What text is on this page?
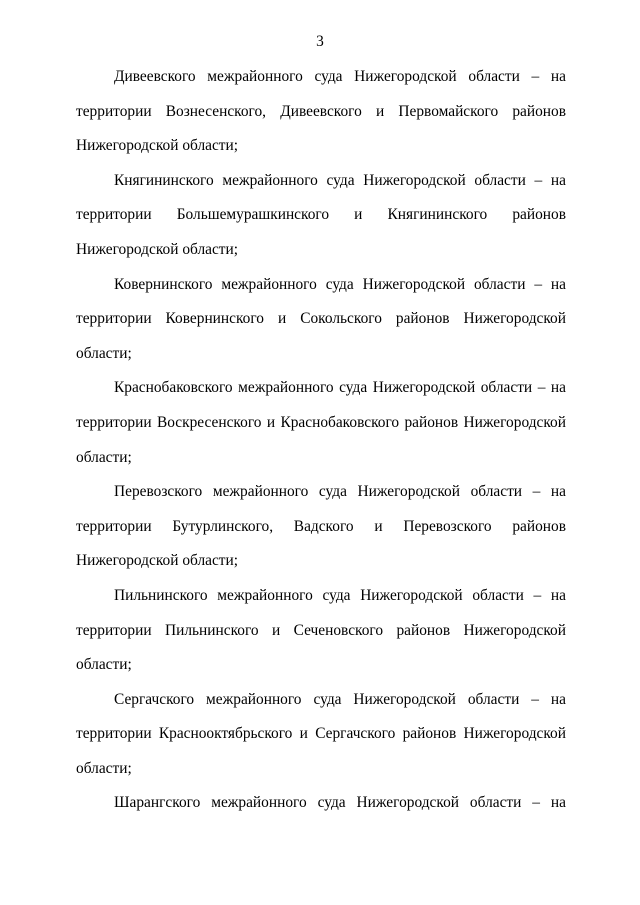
3

Дивеевского межрайонного суда Нижегородской области – на территории Вознесенского, Дивеевского и Первомайского районов Нижегородской области;

Княгининского межрайонного суда Нижегородской области – на территории Большемурашкинского и Княгининского районов Нижегородской области;

Ковернинского межрайонного суда Нижегородской области – на территории Ковернинского и Сокольского районов Нижегородской области;

Краснобаковского межрайонного суда Нижегородской области – на территории Воскресенского и Краснобаковского районов Нижегородской области;

Перевозского межрайонного суда Нижегородской области – на территории Бутурлинского, Вадского и Перевозского районов Нижегородской области;

Пильнинского межрайонного суда Нижегородской области – на территории Пильнинского и Сеченовского районов Нижегородской области;

Сергачского межрайонного суда Нижегородской области – на территории Краснооктябрьского и Сергачского районов Нижегородской области;

Шарангского межрайонного суда Нижегородской области – на
